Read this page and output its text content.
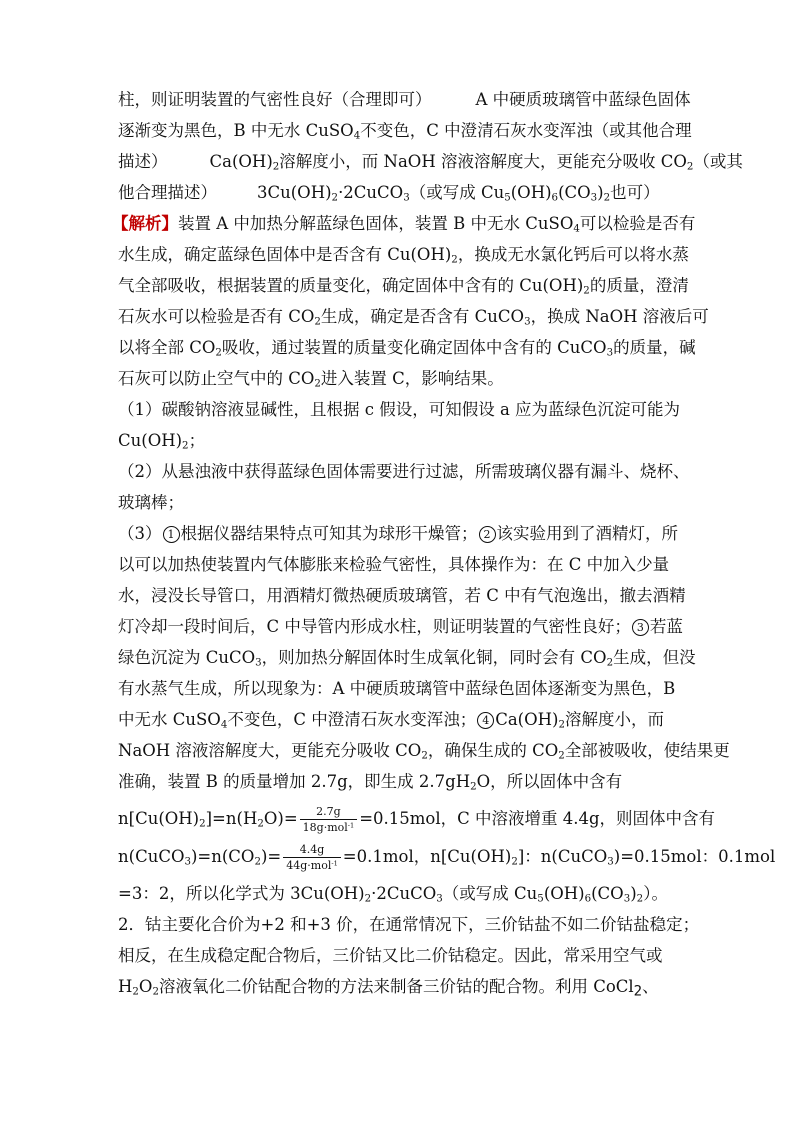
柱，则证明装置的气密性良好（合理即可）	A 中硬质玻璃管中蓝绿色固体
逐渐变为黑色，B 中无水 CuSO$_4$不变色，C 中澄清石灰水变浑浊（或其他合理
描述）	$Ca(OH)_2$溶解度小，而 NaOH 溶液溶解度大，更能充分吸收 $CO_2$（或其
他合理描述） $3Cu(OH)_2\cdot 2CuCO_3$（或写成 $Cu_5(OH)_6(CO_3)_2$也可）
【解析】装置 A 中加热分解蓝绿色固体，装置 B 中无水 CuSO$_4$可以检验是否有
水生成，确定蓝绿色固体中是否含有 $Cu(OH)_2$，换成无水氯化钙后可以将水蒸
气全部吸收，根据装置的质量变化，确定固体中含有的 $Cu(OH)_2$的质量，澄清
石灰水可以检验是否有 $CO_2$生成，确定是否含有 CuCO$_3$，换成 NaOH 溶液后可
以将全部 $CO_2$吸收，通过装置的质量变化确定固体中含有的 CuCO$_3$的质量，碱
石灰可以防止空气中的 $CO_2$进入装置 C，影响结果。
（1）碳酸钠溶液显碱性，且根据 c 假设，可知假设 a 应为蓝绿色沉淀可能为
$Cu(OH)_2$；
（2）从悬浊液中获得蓝绿色固体需要进行过滤，所需玻璃仪器有漏斗、烧杯、
玻璃棒；
（3） 1 根据仪器结果特点可知其为球形干燥管； 2 该实验用到了酒精灯，所
以可以加热使装置内气体膨胀来检验气密性，具体操作为：在 C 中加入少量
水，浸没长导管口，用酒精灯微热硬质玻璃管，若 C 中有气泡逸出，撤去酒精
灯冷却一段时间后，C 中导管内形成水柱，则证明装置的气密性良好； 3 若蓝
绿色沉淀为 CuCO$_3$，则加热分解固体时生成氧化铜，同时会有 $CO_2$生成，但没
有水蒸气生成，所以现象为：A 中硬质玻璃管中蓝绿色固体逐渐变为黑色，B
中无水 CuSO$_4$不变色，C 中澄清石灰水变浑浊； 4 $Ca(OH)_2$溶解度小，而
NaOH 溶液溶解度大，更能充分吸收 $CO_2$，确保生成的 $CO_2$全部被吸收，使结果更
准确，装置 B 的质量增加 2.7g，即生成 $2.7gH_2O$，所以固体中含有
$n[Cu(OH)_2]=n(H_2O)= \frac{2.7g}{18g\cdot mol^{-1}} =0.15mol$，C 中溶液增重 4.4g，则固体中含有
$n(CuCO_3)=n(CO_2)= \frac{4.4g}{44g\cdot mol^{-1}} =0.1mol$，$n[Cu(OH)_2]$：n(CuCO$_3$)=0.15mol：0.1mol
=3：2，所以化学式为 $3Cu(OH)_2\cdot 2CuCO_3$（或写成 $Cu_5(OH)_6(CO_3)_2$）。
2．钴主要化合价为+2 和+3 价，在通常情况下，三价钴盐不如二价钴盐稳定；
相反，在生成稳定配合物后，三价钴又比二价钴稳定。因此，常采用空气或
$H_2O_2$溶液氧化二价钴配合物的方法来制备三价钴的配合物。利用 CoCl$_2$、
